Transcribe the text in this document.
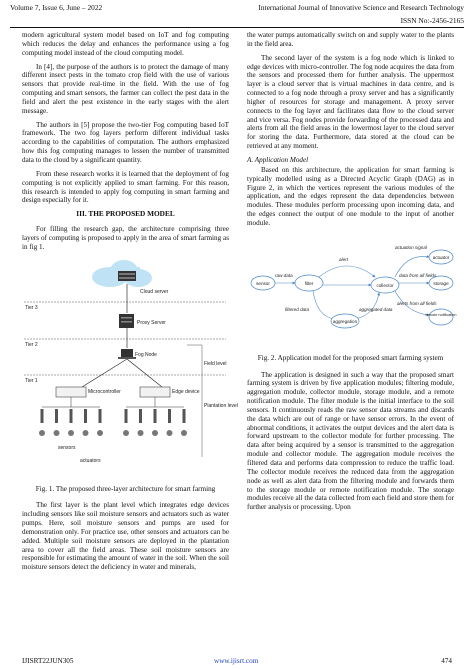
Volume 7, Issue 6, June – 2022	International Journal of Innovative Science and Research Technology
ISSN No:-2456-2165

modern agricultural system model based on IoT and fog computing which reduces the delay and enhances the performance using a fog computing model instead of the cloud computing model.

In [4], the purpose of the authors is to protect the damage of many different insect pests in the tomato crop field with the use of various sensors that provide real-time in the field. With the use of fog computing and smart sensors, the farmer can collect the pest data in the field and alert the pest existence in the early stages with the alert message.

The authors in [5] propose the two-tier Fog computing based IoT framework. The two fog layers perform different individual tasks according to the capabilities of computation. The authors emphasized how this fog computing manages to lessen the number of transmitted data to the cloud by a significant quantity.

From these research works it is learned that the deployment of fog computing is not explicitly applied to smart farming. For this reason, this research is intended to apply fog computing in smart farming and design especially for it.

III. THE PROPOSED MODEL

For filling the research gap, the architecture comprising three layers of computing is proposed to apply in the area of smart farming as in fig 1.

Cloud server
Tier 3
Proxy Server
Tier 2
Fog Node
Field level
Tier 1
Microcontroller	Edge device
Plantation level
sensors
actuators
Fig. 1. The proposed three-layer architecture for smart farming

The first layer is the plant level which integrates edge devices including sensors like soil moisture sensors and actuators such as water pumps. Here, soil moisture sensors and pumps are used for demonstration only. For practice use, other sensors and actuators can be added. Multiple soil moisture sensors are deployed in the plantation area to cover all the field areas. These soil moisture sensors are responsible for estimating the amount of water in the soil. When the soil moisture sensors detect the deficiency in water and minerals,

the water pumps automatically switch on and supply water to the plants in the field area.

The second layer of the system is a fog node which is linked to edge devices with micro-controller. The fog node acquires the data from the sensors and processed them for further analysis. The uppermost layer is a cloud server that is virtual machines in data centre, and is connected to a fog node through a proxy server and has a significantly higher of resources for storage and management. A proxy server connects to the fog layer and facilitates data flow to the cloud server and vice versa. Fog nodes provide forwarding of the processed data and alerts from all the field areas in the lowermost layer to the cloud server for storing the data. Furthermore, data stored at the cloud can be retrieved at any moment.

A. Application Model

Based on this architecture, the application for smart farming is typically modelled using as a Directed Acyclic Graph (DAG) as in Figure 2, in which the vertices represent the various modules of the application, and the edges represent the data dependencies between modules. These modules perform processing upon incoming data, and the edges connect the output of one module to the input of another module.

sensor	filter	collector
actuator
storage
aggregation
remote notification
raw data
alert
actuation signal
data from all fields
aggregated data
filtered data
alerts from all fields
Fig. 2. Application model for the proposed smart farming system

The application is designed in such a way that the proposed smart farming system is driven by five application modules; filtering module, aggregation module, collector module, storage module, and a remote notification module. The filter module is the initial interface to the soil sensors. It continuously reads the raw sensor data streams and discards the data which are out of range or have sensor errors. In the event of abnormal conditions, it activates the output devices and the alert data is forward upstream to the collector module for further processing. The data after being acquired by a sensor is transmitted to the aggregation module and collector module. The aggregation module receives the filtered data and performs data compression to reduce the traffic load. The collector module receives the reduced data from the aggregation node as well as alert data from the filtering module and forwards them to the storage module or remote notification module. The storage modules receive all the data collected from each field and store them for further analysis or processing. Upon

IJISRT22JUN305	www.ijisrt.com	474
